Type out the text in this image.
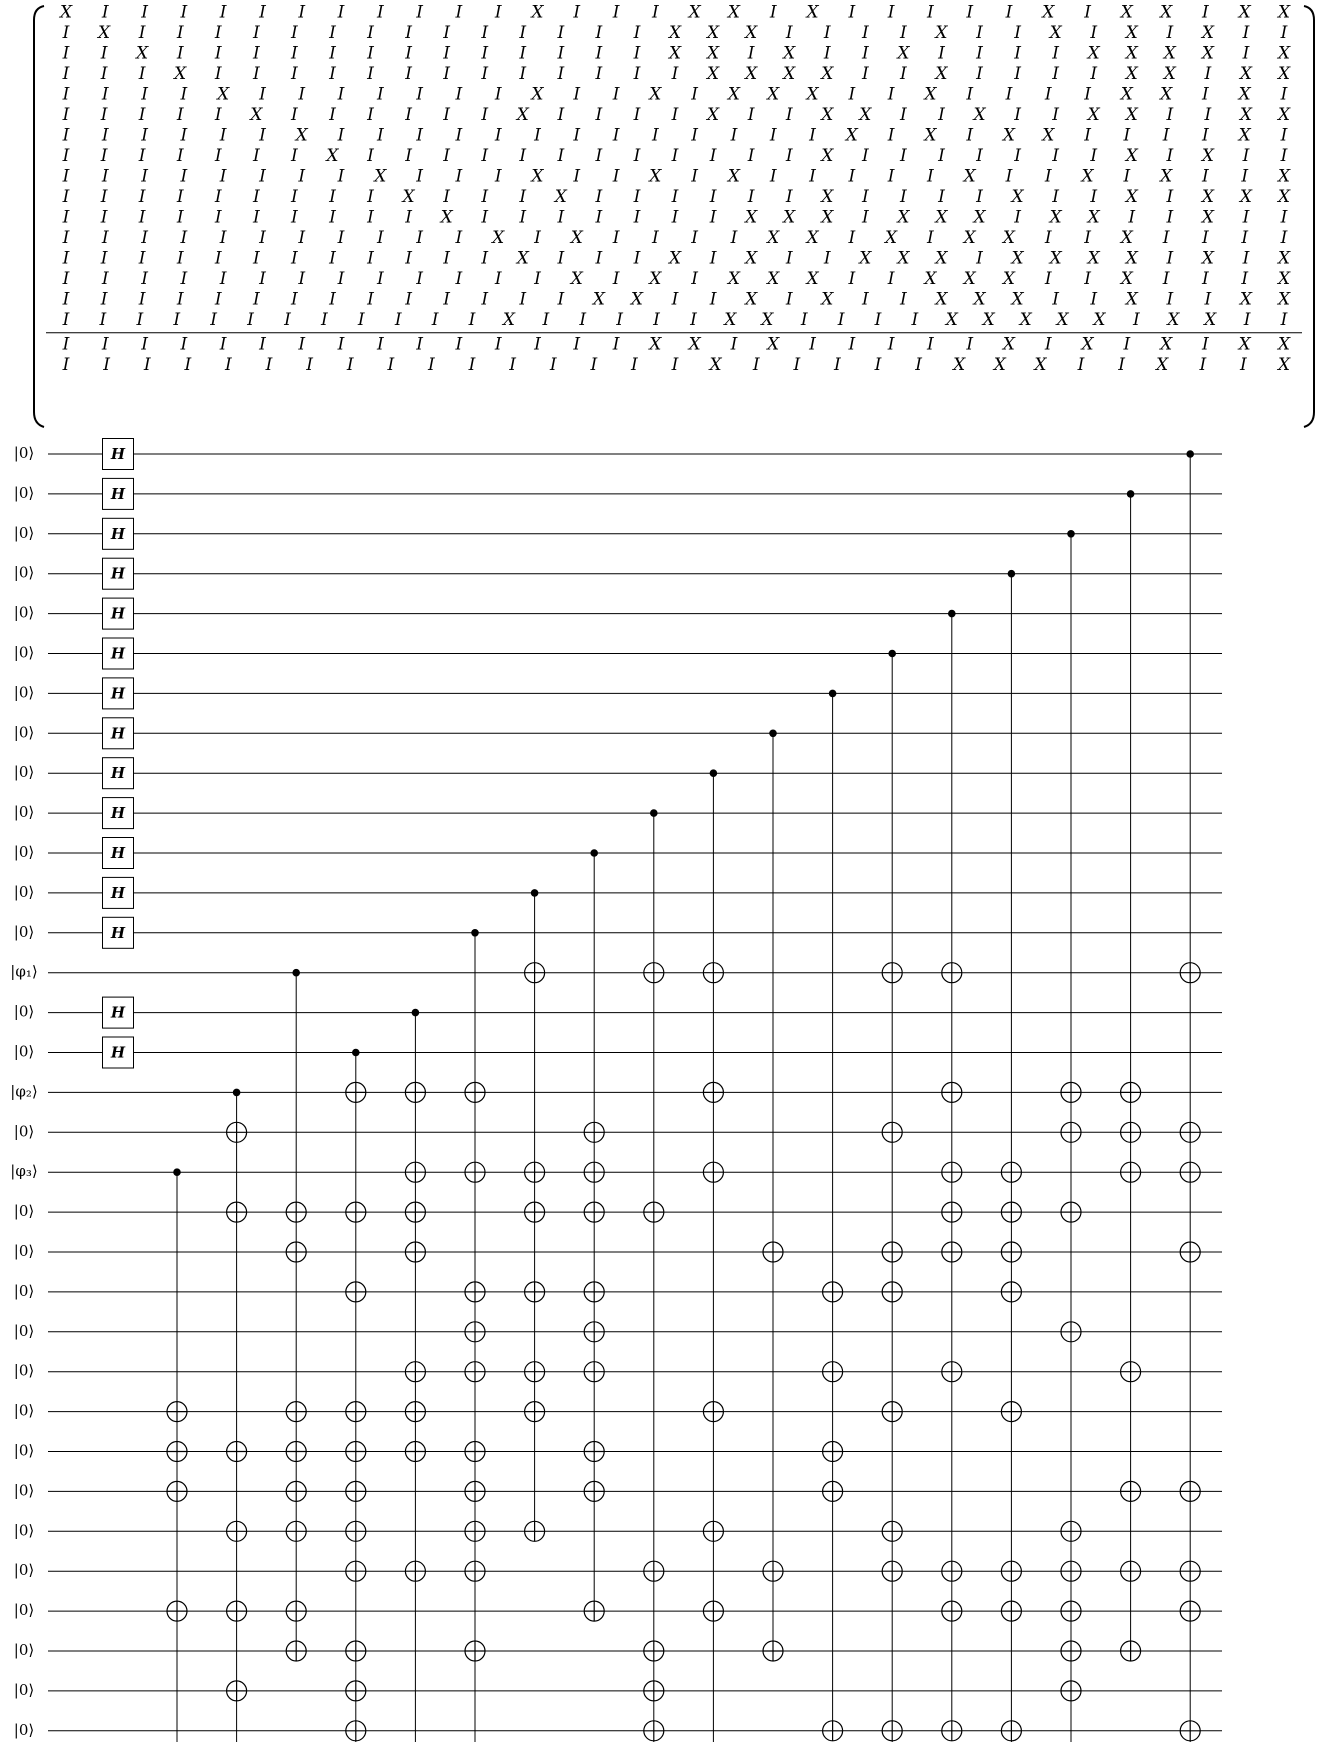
X I I I I I I I I I I I X I I I X X I X I I I I I X I X X I X X
I X I I I I I I I I I I I I I I X X X I I I I X I I X I X I X I I
I I X I I I I I I I I I I I I I X X I X I I X I I I I X X X X I X
I I I X I I I I I I I I I I I I I X X X X I I X I I I I X X I X X
I I I I X I I I I I I I X I I X I X X X I I X I I I I X X I X I
I I I I I X I I I I I I X I I I I X I I X X I I X I I X X I I X X
I I I I I I X I I I I I I I I I I I I I X I X I X X I I I I X I
I I I I I I I X I I I I I I I I I I I I X I I I I I I I X I X I I
I I I I I I I I X I I I X I I X I X I I I I I X I I X I X I I X
I I I I I I I I I X I I I X I I I I I I X I I I I X I I X I X X X
I I I I I I I I I I X I I I I I I I X X X I X X X I X X I I X I I
I I I I I I I I I I I X I X I I I I X X I X I X X I I X I I I I
I I I I I I I I I I I I X I I I X I X I I X X X I X X X X I X I X
I I I I I I I I I I I I I X I X I X X X I I X X X I I X I I I X
I I I I I I I I I I I I I I X X I I X I X I I X X X I I X I I X X
I I I I I I I I I I I I X I I I I I X X I I I I X X X X X I X X I I
I I I I I I I I I I I I I I I X X I X I I I I I X I X I X I X X
I I I I I I I I I I I I I I I I X I I I I I X X X I I X I I X
|0⟩
|0⟩
|0⟩
|0⟩
|0⟩
|0⟩
|0⟩
|0⟩
|0⟩
|0⟩
|0⟩
|0⟩
|0⟩
|φ₁⟩
|0⟩
|0⟩
|φ₂⟩
|0⟩
|φ₃⟩
|0⟩
|0⟩
|0⟩
|0⟩
|0⟩
|0⟩
|0⟩
|0⟩
|0⟩
|0⟩
|0⟩
|0⟩
|0⟩
|0⟩
H
H
H
H
H
H
H
H
H
H
H
H
H
H
H
